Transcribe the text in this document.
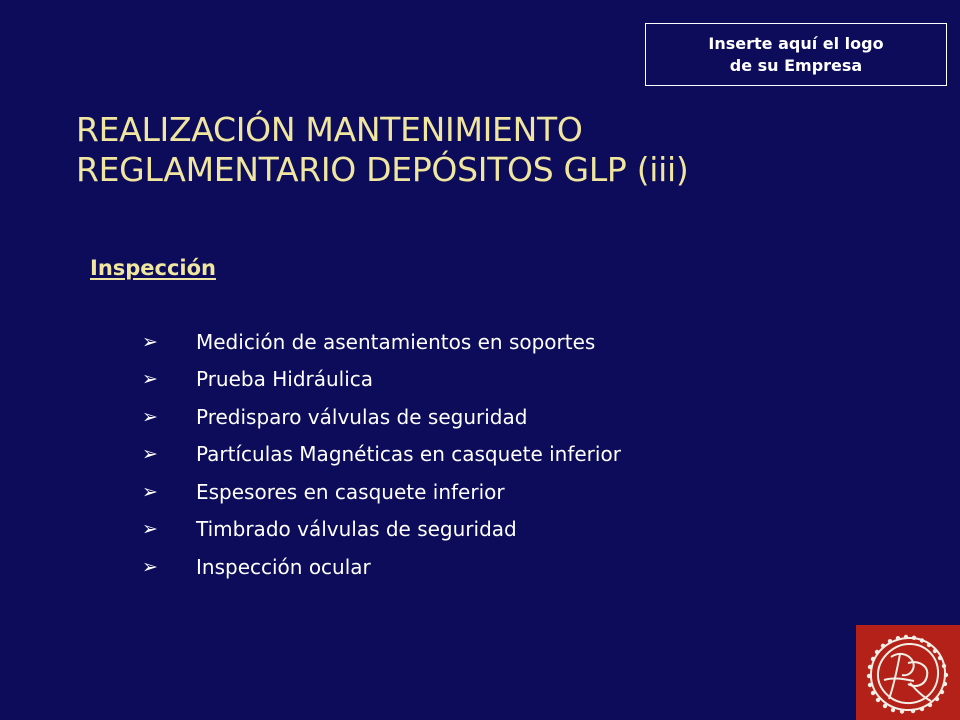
Inserte aquí el logo
de su Empresa
REALIZACIÓN MANTENIMIENTO
REGLAMENTARIO DEPÓSITOS GLP (iii)
Inspección
➢	Medición de asentamientos en soportes
➢	Prueba Hidráulica
➢	Predisparo válvulas de seguridad
➢	Partículas Magnéticas en casquete inferior
➢	Espesores en casquete inferior
➢	Timbrado válvulas de seguridad
➢	Inspección ocular
